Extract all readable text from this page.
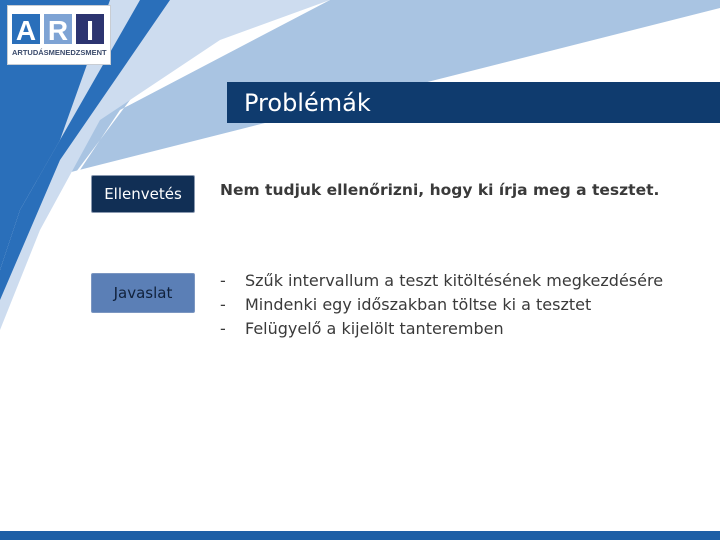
A R I
ARTUDÁSMENEDZSMENT
Problémák
Ellenvetés
Javaslat
Nem tudjuk ellenőrizni, hogy ki írja meg a tesztet.
-	Szűk intervallum a teszt kitöltésének megkezdésére
-	Mindenki egy időszakban töltse ki a tesztet
-	Felügyelő a kijelölt tanteremben
